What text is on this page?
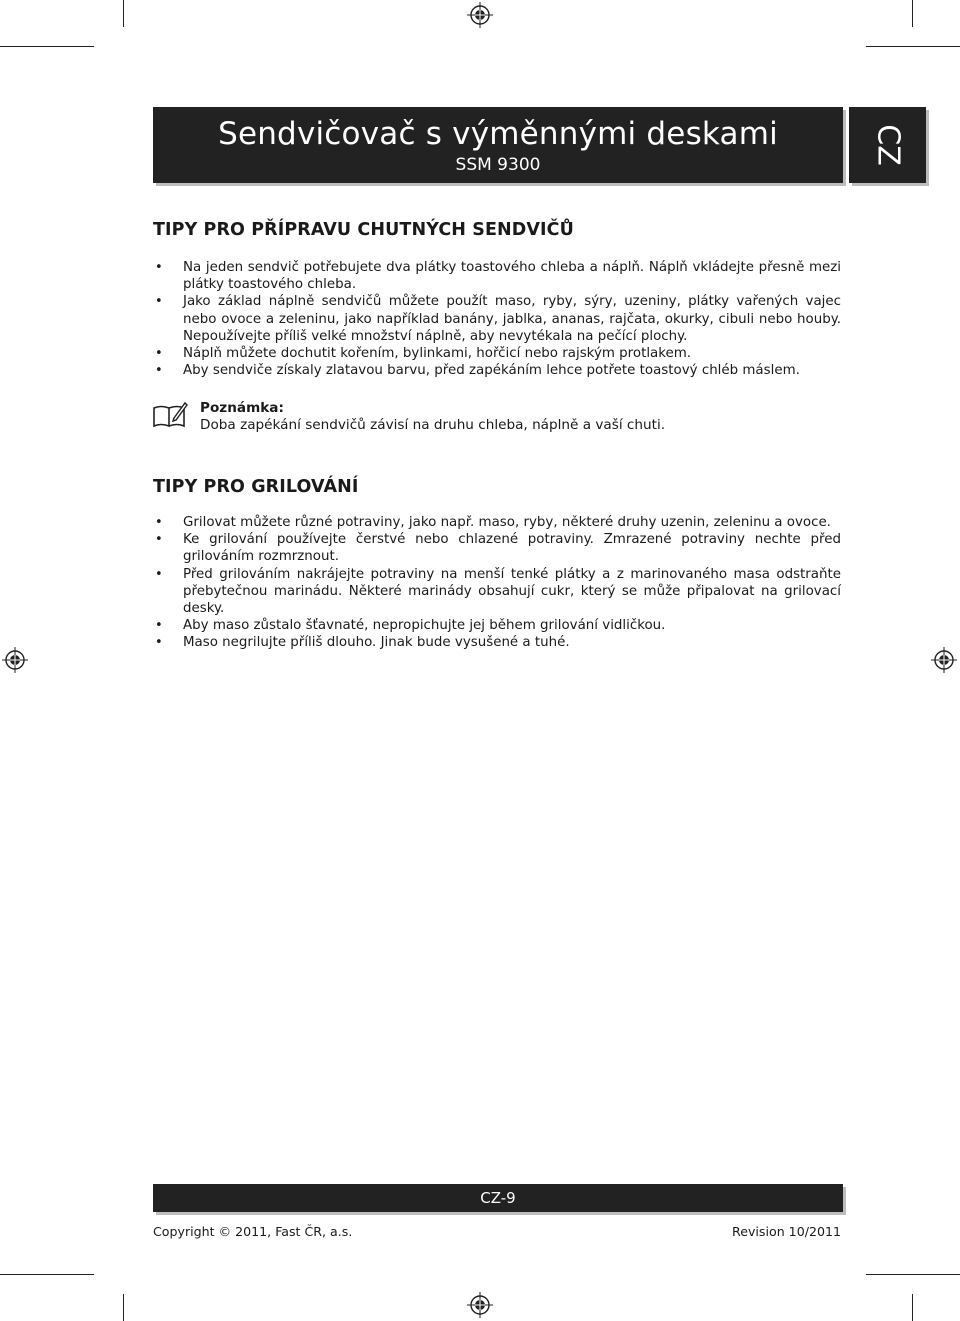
Sendvičovač s výměnnými deskami
SSM 9300	CZ
TIPY PRO PŘÍPRAVU CHUTNÝCH SENDVIČŮ
• Na jeden sendvič potřebujete dva plátky toastového chleba a náplň. Náplň vkládejte přesně mezi plátky toastového chleba.
• Jako základ náplně sendvičů můžete použít maso, ryby, sýry, uzeniny, plátky vařených vajec nebo ovoce a zeleninu, jako například banány, jablka, ananas, rajčata, okurky, cibuli nebo houby. Nepoužívejte příliš velké množství náplně, aby nevytékala na pečící plochy.
• Náplň můžete dochutit kořením, bylinkami, hořčicí nebo rajským protlakem.
• Aby sendviče získaly zlatavou barvu, před zapékáním lehce potřete toastový chléb máslem.
Poznámka:
Doba zapékání sendvičů závisí na druhu chleba, náplně a vaší chuti.
TIPY PRO GRILOVÁNÍ
• Grilovat můžete různé potraviny, jako např. maso, ryby, některé druhy uzenin, zeleninu a ovoce.
• Ke grilování používejte čerstvé nebo chlazené potraviny. Zmrazené potraviny nechte před grilováním rozmrznout.
• Před grilováním nakrájejte potraviny na menší tenké plátky a z marinovaného masa odstraňte přebytečnou marinádu. Některé marinády obsahují cukr, který se může připalovat na grilovací desky.
• Aby maso zůstalo šťavnaté, nepropichujte jej během grilování vidličkou.
• Maso negrilujte příliš dlouho. Jinak bude vysušené a tuhé.
CZ-9
Copyright © 2011, Fast ČR, a.s.	Revision 10/2011
